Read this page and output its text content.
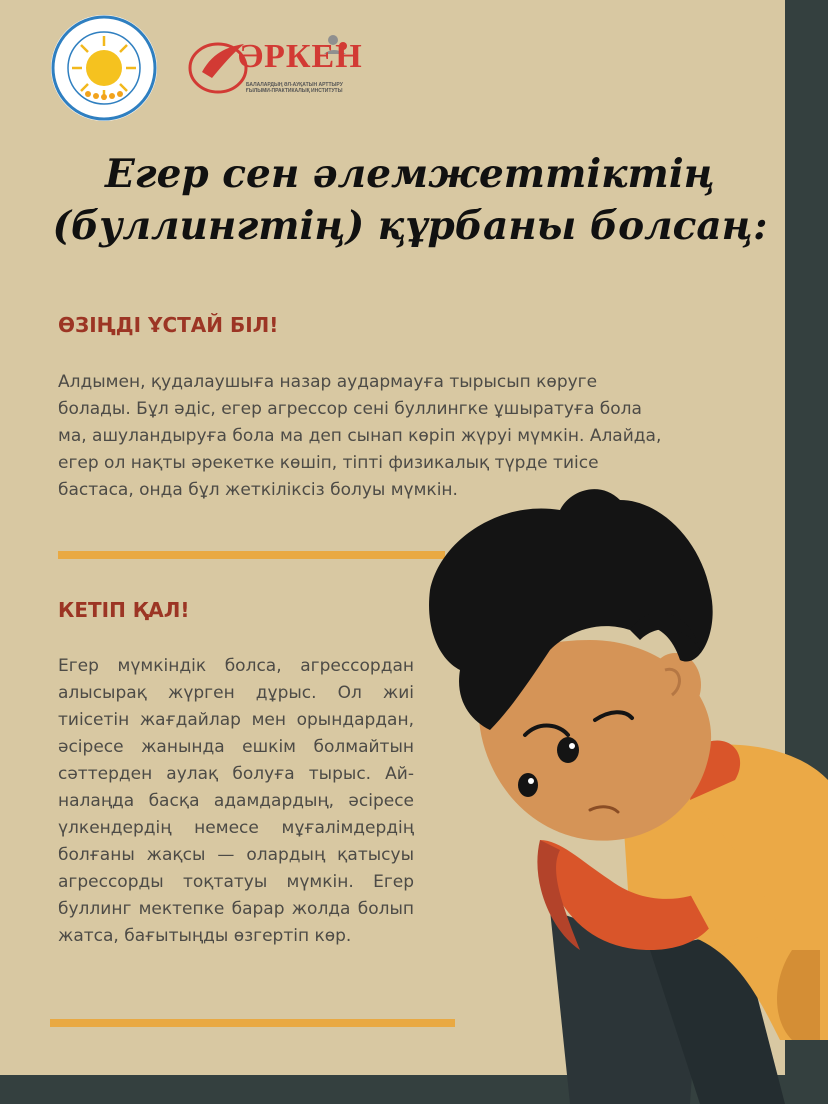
ӘРКЕН
БАЛАЛАРДЫҢ ӘЛ-АУҚАТЫН АРТТЫРУ ҒЫЛЫМИ-ПРАКТИКАЛЫҚ ИНСТИТУТЫ
Егер сен әлемжеттіктің
(буллингтің) құрбаны болсаң:
ӨЗІҢДІ ҰСТАЙ БІЛ!

Алдымен, қудалаушыға назар аудармауға тырысып көруге болады. Бұл әдіс, егер агрессор сені буллингке ұшыратуға бола ма, ашуландыруға бола ма деп сынап көріп жүруі мүмкін. Алайда, егер ол нақты әрекетке көшіп, тіпті физикалық түрде тиісе бастаса, онда бұл жеткіліксіз болуы мүмкін.

КЕТІП ҚАЛ!

Егер мүмкіндік болса, агрессордан алысырақ жүрген дұрыс. Ол жиі тиісетін жағдайлар мен орындардан, әсіресе жанында ешкім болмайтын сәттерден аулақ болуға тырыс. Айналаңда басқа адамдардың, әсіресе үлкендердің немесе мұғалімдердің болғаны жақсы — олардың қатысуы агрессорды тоқтатуы мүмкін. Егер буллинг мектепке барар жолда болып жатса, бағытыңды өзгертіп көр.
